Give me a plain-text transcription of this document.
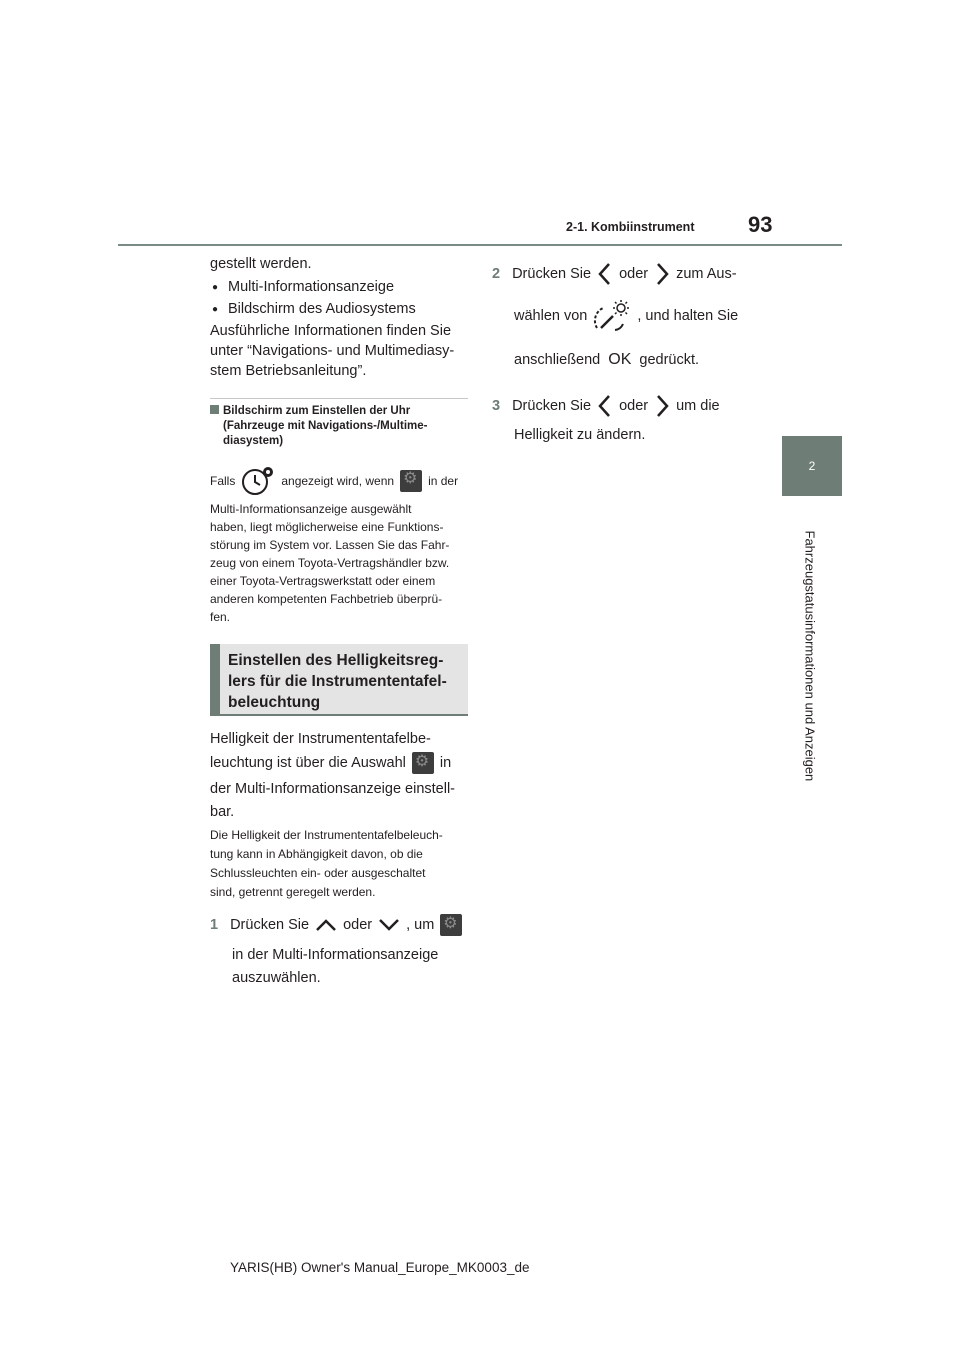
2-1. Kombiinstrument 93
2
Fahrzeugstatusinformationen und Anzeigen
gestellt werden.
● Multi-Informationsanzeige
● Bildschirm des Audiosystems
Ausführliche Informationen finden Sie
unter “Navigations- und Multimediasy-
stem Betriebsanleitung”.
Bildschirm zum Einstellen der Uhr
(Fahrzeuge mit Navigations-/Multime-
diasystem)
Falls	angezeigt wird, wenn ⚙	in der
Multi-Informationsanzeige ausgewählt
haben, liegt möglicherweise eine Funktions-
störung im System vor. Lassen Sie das Fahr-
zeug von einem Toyota-Vertragshändler bzw.
einer Toyota-Vertragswerkstatt oder einem
anderen kompetenten Fachbetrieb überprü-
fen.
Einstellen des Helligkeitsreg-
lers für die Instrumententafel-
beleuchtung
Helligkeit der Instrumententafelbe-
leuchtung ist über die Auswahl ⚙ in
der Multi-Informationsanzeige einstell-
bar.
Die Helligkeit der Instrumententafelbeleuch-
tung kann in Abhängigkeit davon, ob die
Schlussleuchten ein- oder ausgeschaltet
sind, getrennt geregelt werden.
1 Drücken Sie oder , um
⚙
in der Multi-Informationsanzeige
auszuwählen.
2 Drücken Sie oder zum Aus-
wählen von	, und halten Sie
anschließend OK gedrückt.
3 Drücken Sie oder um die
Helligkeit zu ändern.
YARIS(HB) Owner's Manual_Europe_MK0003_de
